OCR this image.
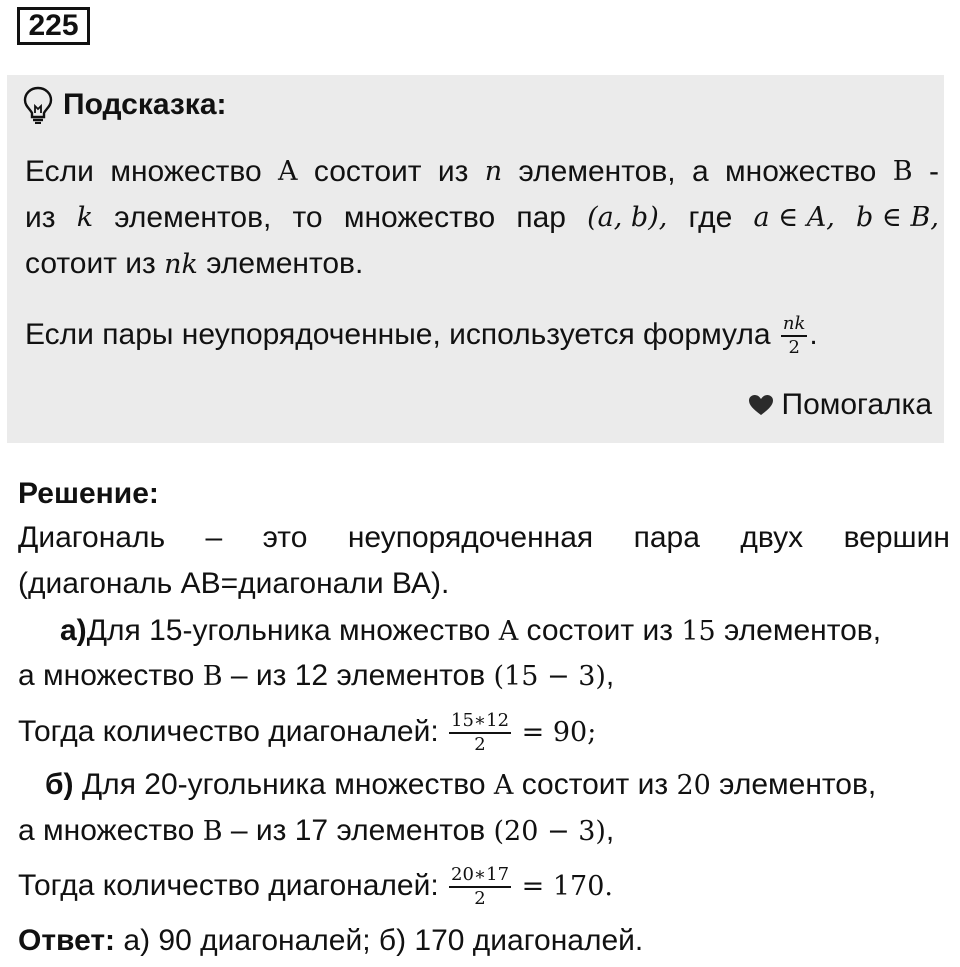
225
Подсказка:
Если множество A состоит из n элементов, а множество B -
из k элементов, то множество пар (a, b), где a ∈ A, b ∈ B,
сотоит из nk элементов.
Если пары неупорядоченные, используется формула $\frac{nk}{2}$ .
Помогалка
Решение:
Диагональ – это неупорядоченная пара двух вершин
(диагональ АВ=диагонали ВА).
а)Для 15-угольника множество A состоит из 15 элементов,
а множество B – из 12 элементов (15 − 3),
Тогда количество диагоналей: $\frac{15∗12}{2} = 90$;
б) Для 20-угольника множество A состоит из 20 элементов,
а множество B – из 17 элементов (20 − 3),
Тогда количество диагоналей: $\frac{20∗17}{2} = 170$.
Ответ: а) 90 диагоналей; б) 170 диагоналей.
